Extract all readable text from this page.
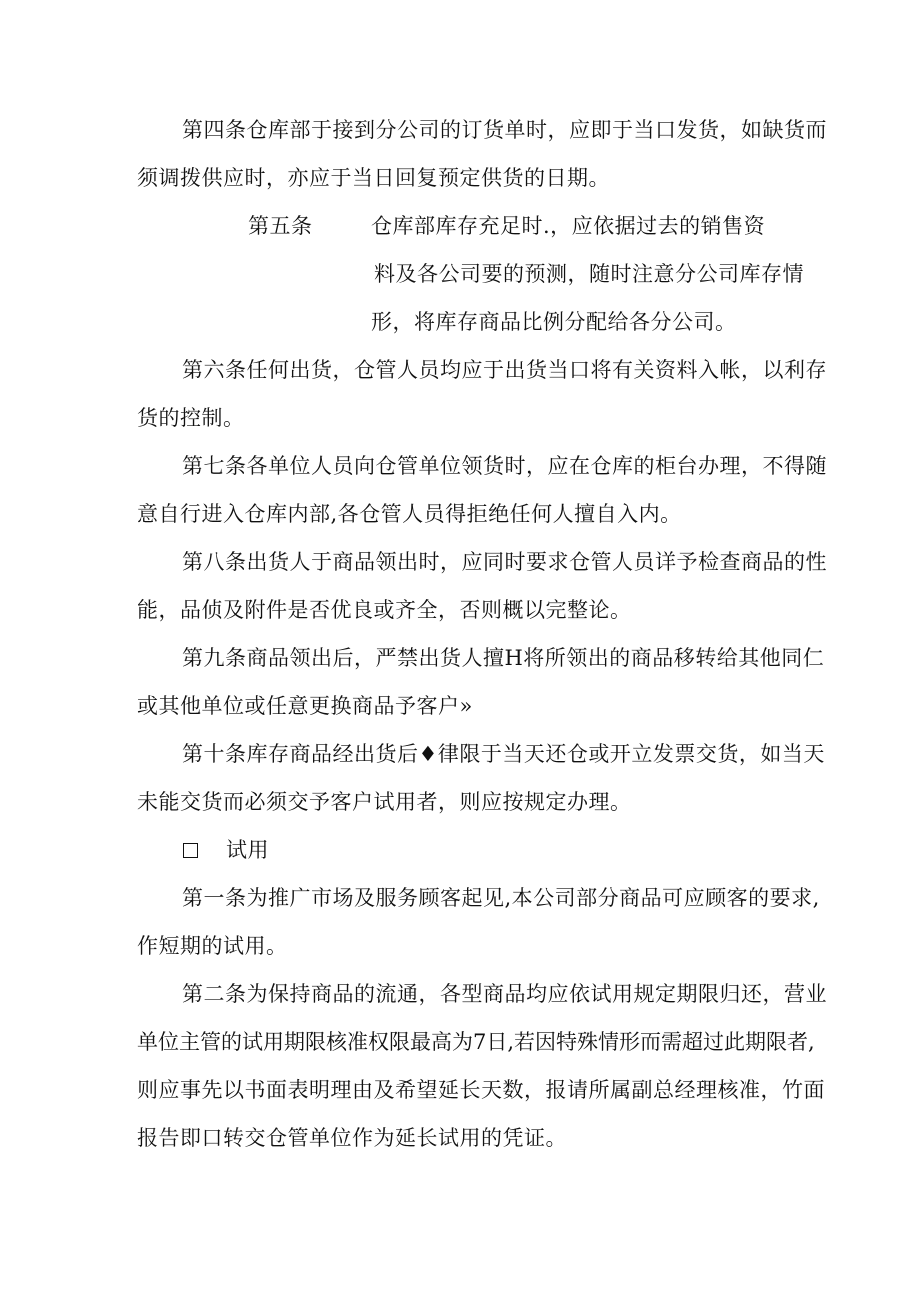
第四条仓库部于接到分公司的订货单时，应即于当口发货，如缺货而

须调拨供应时，亦应于当日回复预定供货的日期。

第五条	仓库部库存充足时.，应依据过去的销售资

料及各公司要的预测，随时注意分公司库存情

形，将库存商品比例分配给各分公司。

第六条任何出货，仓管人员均应于出货当口将有关资料入帐，以利存

货的控制。

第七条各单位人员向仓管单位领货时，应在仓库的柜台办理，不得随

意自行进入仓库内部,各仓管人员得拒绝任何人擅自入内。

第八条出货人于商品领出时，应同时要求仓管人员详予检查商品的性

能，品侦及附件是否优良或齐全，否则概以完整论。

第九条商品领出后，严禁出货人擅H将所领出的商品移转给其他同仁

或其他单位或任意更换商品予客户»

第十条库存商品经出货后♦律限于当天还仓或开立发票交货，如当天

未能交货而必须交予客户试用者，则应按规定办理。

试用

第一条为推广市场及服务顾客起见,本公司部分商品可应顾客的要求,

作短期的试用。

第二条为保持商品的流通，各型商品均应依试用规定期限归还，营业

单位主管的试用期限核准权限最高为7日,若因特殊情形而需超过此期限者,

则应事先以书面表明理由及希望延长天数，报请所属副总经理核准，竹面

报告即口转交仓管单位作为延长试用的凭证。
